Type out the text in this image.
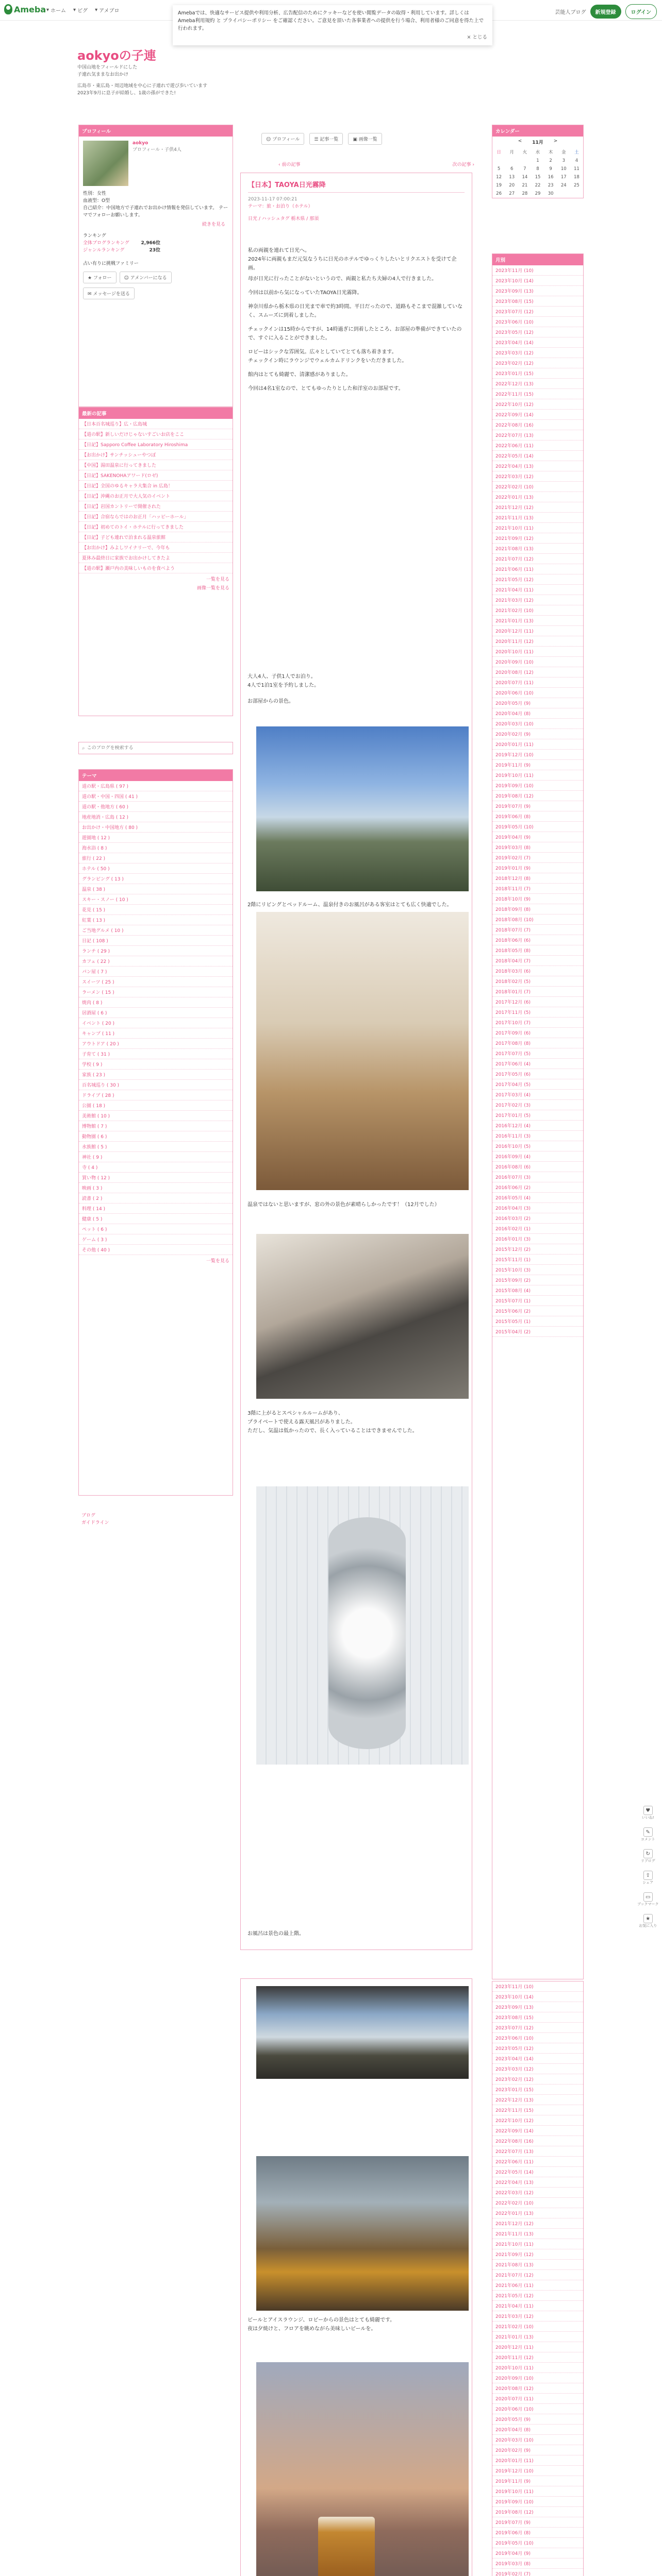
Ameba ▾ ホーム ▾ ピグ ▾ アメブロ	芸能人ブログ	新規登録	ログイン
Amebaでは、快適なサービス提供や利用分析、広告配信のためにクッキーなどを使い閲覧データの取得・利用しています。詳しくは Ameba利用規約 と プライバシーポリシー をご確認ください。ご意見を頂いた各事業者への提供を行う場合、利用者様のご同意を得た上で行われます。
× とじる
aokyoの子連
中国山地をフィールドにした
子連れ気ままなお出かけ
広島市・東広島・周辺地域を中心に子連れで遊び歩いています
2023年9月に息子が結婚し、1歳の孫ができた!
プロフィール
aokyo
プロフィール・子供4人
性別：女性
血液型：O型
自己紹介：中国地方で子連れでお出かけ情報を発信しています。 テーマでフォローお願いします。
続きを見る
ランキング
全体ブログランキング	2,966位
ジャンルランキング	23位
占い有りに挑戦ファミリー
★ フォロー	☺ アメンバーになる
✉ メッセージを送る
最新の記事
【日本百名城巡り】広・広島城
【道の駅】新しいだけじゃないすごいお店をここ
【日記】Sapporo Coffee Laboratory Hiroshima
【お出かけ】サンチッシューやつぽ
【中国】湯田温泉に行ってきました
【日記】SAKENOHAアワード(ロゼ)
【日記】全国のゆるキャラ大集合 in 広島！
【日記】沖縄のお正月で大人気のイベント
【日記】岩国カントリーで開催された
【日記】合宿ならではのお正月「ハッピーホール」
【日記】初めてのトイ・ホテルに行ってきました
【日記】子ども連れで泊まれる温泉旅館
【お出かけ】みよしワイナリーで、今年も
夏休み最終日に家族でお出かけしてきたよ
【道の駅】瀬戸内の美味しいものを食べよう
一覧を見る
画像一覧を見る
⌕
このブログを検索する
テーマ
道の駅・広島県 ( 97 )
道の駅・中国・四国 ( 41 )
道の駅・他地方 ( 60 )
地産地消・広島 ( 12 )
お出かけ・中国地方 ( 80 )
遊園地 ( 12 )
海水浴 ( 8 )
旅行 ( 22 )
ホテル ( 50 )
グランピング ( 13 )
温泉 ( 38 )
スキー・スノー ( 10 )
花見 ( 15 )
紅葉 ( 13 )
ご当地グルメ ( 10 )
日記 ( 108 )
ランチ ( 29 )
カフェ ( 22 )
パン屋 ( 7 )
スイーツ ( 25 )
ラーメン ( 15 )
焼肉 ( 8 )
居酒屋 ( 6 )
イベント ( 20 )
キャンプ ( 11 )
アウトドア ( 20 )
子育て ( 31 )
学校 ( 9 )
家族 ( 23 )
百名城巡り ( 30 )
ドライブ ( 28 )
公園 ( 18 )
美術館 ( 10 )
博物館 ( 7 )
動物園 ( 6 )
水族館 ( 5 )
神社 ( 9 )
寺 ( 4 )
買い物 ( 12 )
映画 ( 3 )
読書 ( 2 )
料理 ( 14 )
健康 ( 5 )
ペット ( 6 )
ゲーム ( 3 )
その他 ( 40 )
一覧を見る
ブログ
ガイドライン
☺ プロフィール	☰ 記事一覧	▣ 画像一覧
‹ 前の記事	次の記事 ›
【日本】TAOYA日光霧降
2023-11-17 07:00:21
テーマ：旅・お泊り（ホテル）
日光 / ハッシュタグ 栃木県 / 那須

私の両親を連れて日光へ。

2024年に両親もまだ元気なうちに日光のホテルでゆっくりしたいとリクエストを受けて企画。

母が日光に行ったことがないというので、両親と私たち夫婦の4人で行きました。

今回は以前から気になっていたTAOYA日光霧降。

神奈川県から栃木県の日光まで車で約3時間。平日だったので、道路もそこまで混雑していなく、スムーズに到着しました。

チェックインは15時からですが、14時過ぎに到着したところ、お部屋の準備ができていたので、すぐに入ることができました。

ロビーはシックな雰囲気。広々としていてとても落ち着きます。

チェックイン時にラウンジでウェルカムドリンクをいただきました。

館内はとても綺麗で、清潔感がありました。

今回は4名1室なので、とてもゆったりとした和洋室のお部屋です。

大人4人、子供1人でお泊り。

4人で1泊1室を予約しました。

お部屋からの景色。

2階にリビングとベッドルーム、温泉付きのお風呂がある客室はとても広く快適でした。

温泉ではないと思いますが、窓の外の景色が素晴らしかったです！（12月でした）

3階に上がるとスペシャルルームがあり、

プライベートで使える露天風呂がありました。

ただし、気温は低かったので、長く入っていることはできませんでした。

お風呂は景色の最上階。

ビールとアイスラウンジ、ロビーからの景色はとても綺麗です。

夜は夕焼けと、フロアを眺めながら美味しいビールを。

カレンダー
< 11月 >
日	月	火	水	木	金	土
			1	2	3	4
5	6	7	8	9	10	11
12	13	14	15	16	17	18
19	20	21	22	23	24	25
26	27	28	29	30		
月別
2023年11月 (10)
2023年10月 (14)
2023年09月 (13)
2023年08月 (15)
2023年07月 (12)
2023年06月 (10)
2023年05月 (12)
2023年04月 (14)
2023年03月 (12)
2023年02月 (12)
2023年01月 (15)
2022年12月 (13)
2022年11月 (15)
2022年10月 (12)
2022年09月 (14)
2022年08月 (16)
2022年07月 (13)
2022年06月 (11)
2022年05月 (14)
2022年04月 (13)
2022年03月 (12)
2022年02月 (10)
2022年01月 (13)
2021年12月 (12)
2021年11月 (13)
2021年10月 (11)
2021年09月 (12)
2021年08月 (13)
2021年07月 (12)
2021年06月 (11)
2021年05月 (12)
2021年04月 (11)
2021年03月 (12)
2021年02月 (10)
2021年01月 (13)
2020年12月 (11)
2020年11月 (12)
2020年10月 (11)
2020年09月 (10)
2020年08月 (12)
2020年07月 (11)
2020年06月 (10)
2020年05月 (9)
2020年04月 (8)
2020年03月 (10)
2020年02月 (9)
2020年01月 (11)
2019年12月 (10)
2019年11月 (9)
2019年10月 (11)
2019年09月 (10)
2019年08月 (12)
2019年07月 (9)
2019年06月 (8)
2019年05月 (10)
2019年04月 (9)
2019年03月 (8)
2019年02月 (7)
2019年01月 (9)
2018年12月 (8)
2018年11月 (7)
2018年10月 (9)
2018年09月 (8)
2018年08月 (10)
2018年07月 (7)
2018年06月 (6)
2018年05月 (8)
2018年04月 (7)
2018年03月 (6)
2018年02月 (5)
2018年01月 (7)
2017年12月 (6)
2017年11月 (5)
2017年10月 (7)
2017年09月 (6)
2017年08月 (8)
2017年07月 (5)
2017年06月 (4)
2017年05月 (6)
2017年04月 (5)
2017年03月 (4)
2017年02月 (3)
2017年01月 (5)
2016年12月 (4)
2016年11月 (3)
2016年10月 (5)
2016年09月 (4)
2016年08月 (6)
2016年07月 (3)
2016年06月 (2)
2016年05月 (4)
2016年04月 (3)
2016年03月 (2)
2016年02月 (1)
2016年01月 (3)
2015年12月 (2)
2015年11月 (1)
2015年10月 (3)
2015年09月 (2)
2015年08月 (4)
2015年07月 (1)
2015年06月 (2)
2015年05月 (1)
2015年04月 (2)
2023年11月 (10)
2023年10月 (14)
2023年09月 (13)
2023年08月 (15)
2023年07月 (12)
2023年06月 (10)
2023年05月 (12)
2023年04月 (14)
2023年03月 (12)
2023年02月 (12)
2023年01月 (15)
2022年12月 (13)
2022年11月 (15)
2022年10月 (12)
2022年09月 (14)
2022年08月 (16)
2022年07月 (13)
2022年06月 (11)
2022年05月 (14)
2022年04月 (13)
2022年03月 (12)
2022年02月 (10)
2022年01月 (13)
2021年12月 (12)
2021年11月 (13)
2021年10月 (11)
2021年09月 (12)
2021年08月 (13)
2021年07月 (12)
2021年06月 (11)
2021年05月 (12)
2021年04月 (11)
2021年03月 (12)
2021年02月 (10)
2021年01月 (13)
2020年12月 (11)
2020年11月 (12)
2020年10月 (11)
2020年09月 (10)
2020年08月 (12)
2020年07月 (11)
2020年06月 (10)
2020年05月 (9)
2020年04月 (8)
2020年03月 (10)
2020年02月 (9)
2020年01月 (11)
2019年12月 (10)
2019年11月 (9)
2019年10月 (11)
2019年09月 (10)
2019年08月 (12)
2019年07月 (9)
2019年06月 (8)
2019年05月 (10)
2019年04月 (9)
2019年03月 (8)
2019年02月 (7)
♥
いいね!
✎
コメント
↻
リブログ
⇪
シェア
▭
ブックマーク
★
お気に入り
